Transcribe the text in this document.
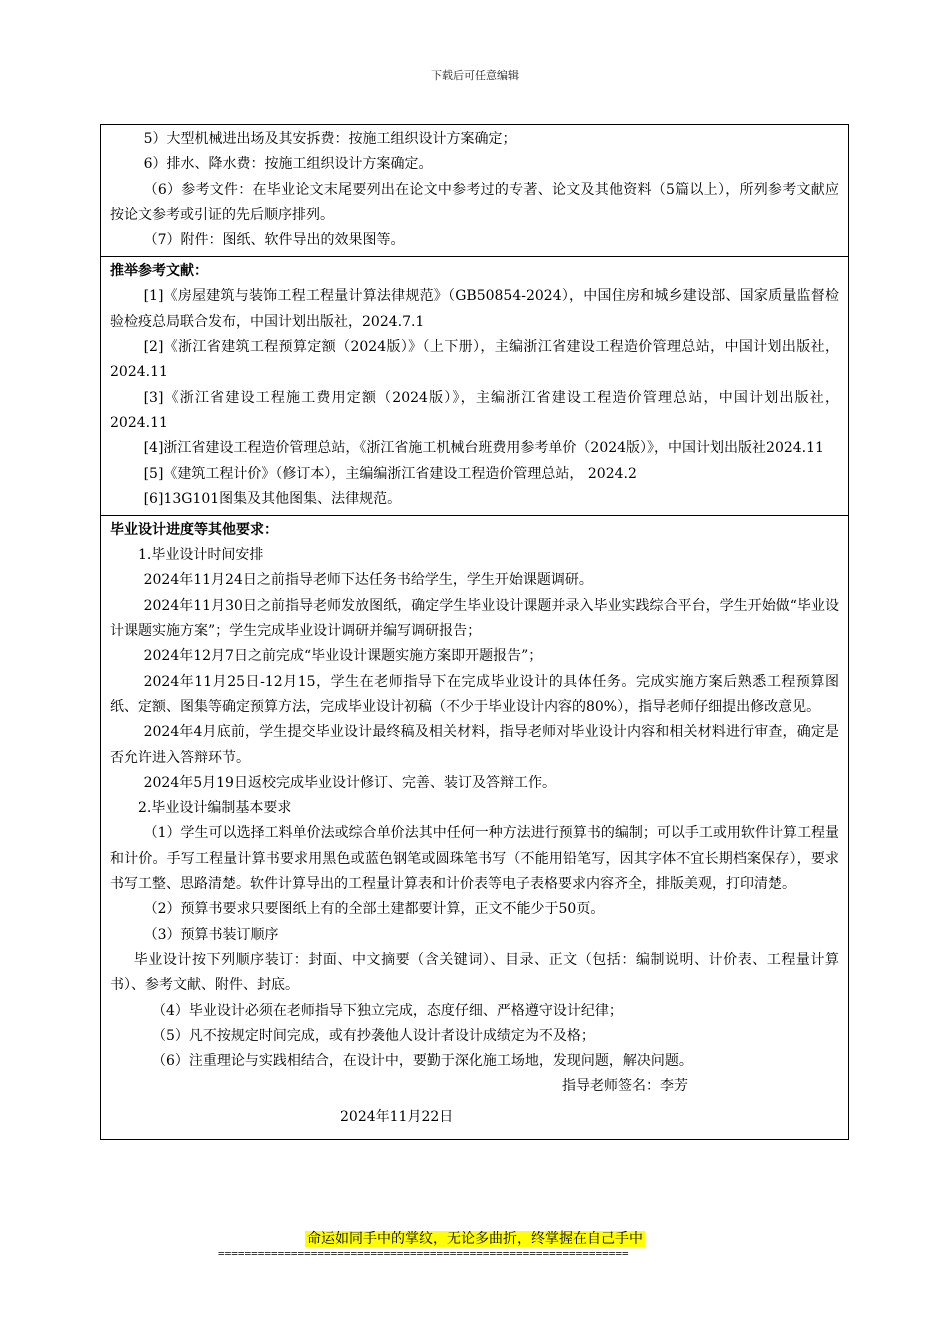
下载后可任意编辑
5）大型机械进出场及其安拆费：按施工组织设计方案确定；
6）排水、降水费：按施工组织设计方案确定。
（6）参考文件：在毕业论文末尾要列出在论文中参考过的专著、论文及其他资料（5篇以上），所列参考文献应按论文参考或引证的先后顺序排列。
（7）附件：图纸、软件导出的效果图等。
推举参考文献：
[1]《房屋建筑与装饰工程工程量计算法律规范》（GB50854-2024），中国住房和城乡建设部、国家质量监督检验检疫总局联合发布，中国计划出版社，2024.7.1
[2]《浙江省建筑工程预算定额（2024版）》（上下册），主编浙江省建设工程造价管理总站，中国计划出版社，2024.11
[3]《浙江省建设工程施工费用定额（2024版）》，主编浙江省建设工程造价管理总站，中国计划出版社，2024.11
[4]浙江省建设工程造价管理总站，《浙江省施工机械台班费用参考单价（2024版）》，中国计划出版社2024.11
[5]《建筑工程计价》（修订本），主编编浙江省建设工程造价管理总站， 2024.2
[6]13G101图集及其他图集、法律规范。
毕业设计进度等其他要求：
1.毕业设计时间安排
2024年11月24日之前指导老师下达任务书给学生，学生开始课题调研。
2024年11月30日之前指导老师发放图纸，确定学生毕业设计课题并录入毕业实践综合平台，学生开始做“毕业设计课题实施方案”；学生完成毕业设计调研并编写调研报告；
2024年12月7日之前完成“毕业设计课题实施方案即开题报告”；
2024年11月25日-12月15，学生在老师指导下在完成毕业设计的具体任务。完成实施方案后熟悉工程预算图纸、定额、图集等确定预算方法，完成毕业设计初稿（不少于毕业设计内容的80%），指导老师仔细提出修改意见。
2024年4月底前，学生提交毕业设计最终稿及相关材料，指导老师对毕业设计内容和相关材料进行审查，确定是否允许进入答辩环节。
2024年5月19日返校完成毕业设计修订、完善、装订及答辩工作。
2.毕业设计编制基本要求
（1）学生可以选择工料单价法或综合单价法其中任何一种方法进行预算书的编制；可以手工或用软件计算工程量和计价。手写工程量计算书要求用黑色或蓝色钢笔或圆珠笔书写（不能用铅笔写，因其字体不宜长期档案保存），要求书写工整、思路清楚。软件计算导出的工程量计算表和计价表等电子表格要求内容齐全，排版美观，打印清楚。
（2）预算书要求只要图纸上有的全部土建都要计算，正文不能少于50页。
（3）预算书装订顺序
毕业设计按下列顺序装订：封面、中文摘要（含关键词）、目录、正文（包括：编制说明、计价表、工程量计算书）、参考文献、附件、封底。
（4）毕业设计必须在老师指导下独立完成，态度仔细、严格遵守设计纪律；
（5）凡不按规定时间完成，或有抄袭他人设计者设计成绩定为不及格；
（6）注重理论与实践相结合，在设计中，要勤于深化施工场地，发现问题，解决问题。
指导老师签名：李芳
2024年11月22日
命运如同手中的掌纹，无论多曲折，终掌握在自己手中
==============================================================
